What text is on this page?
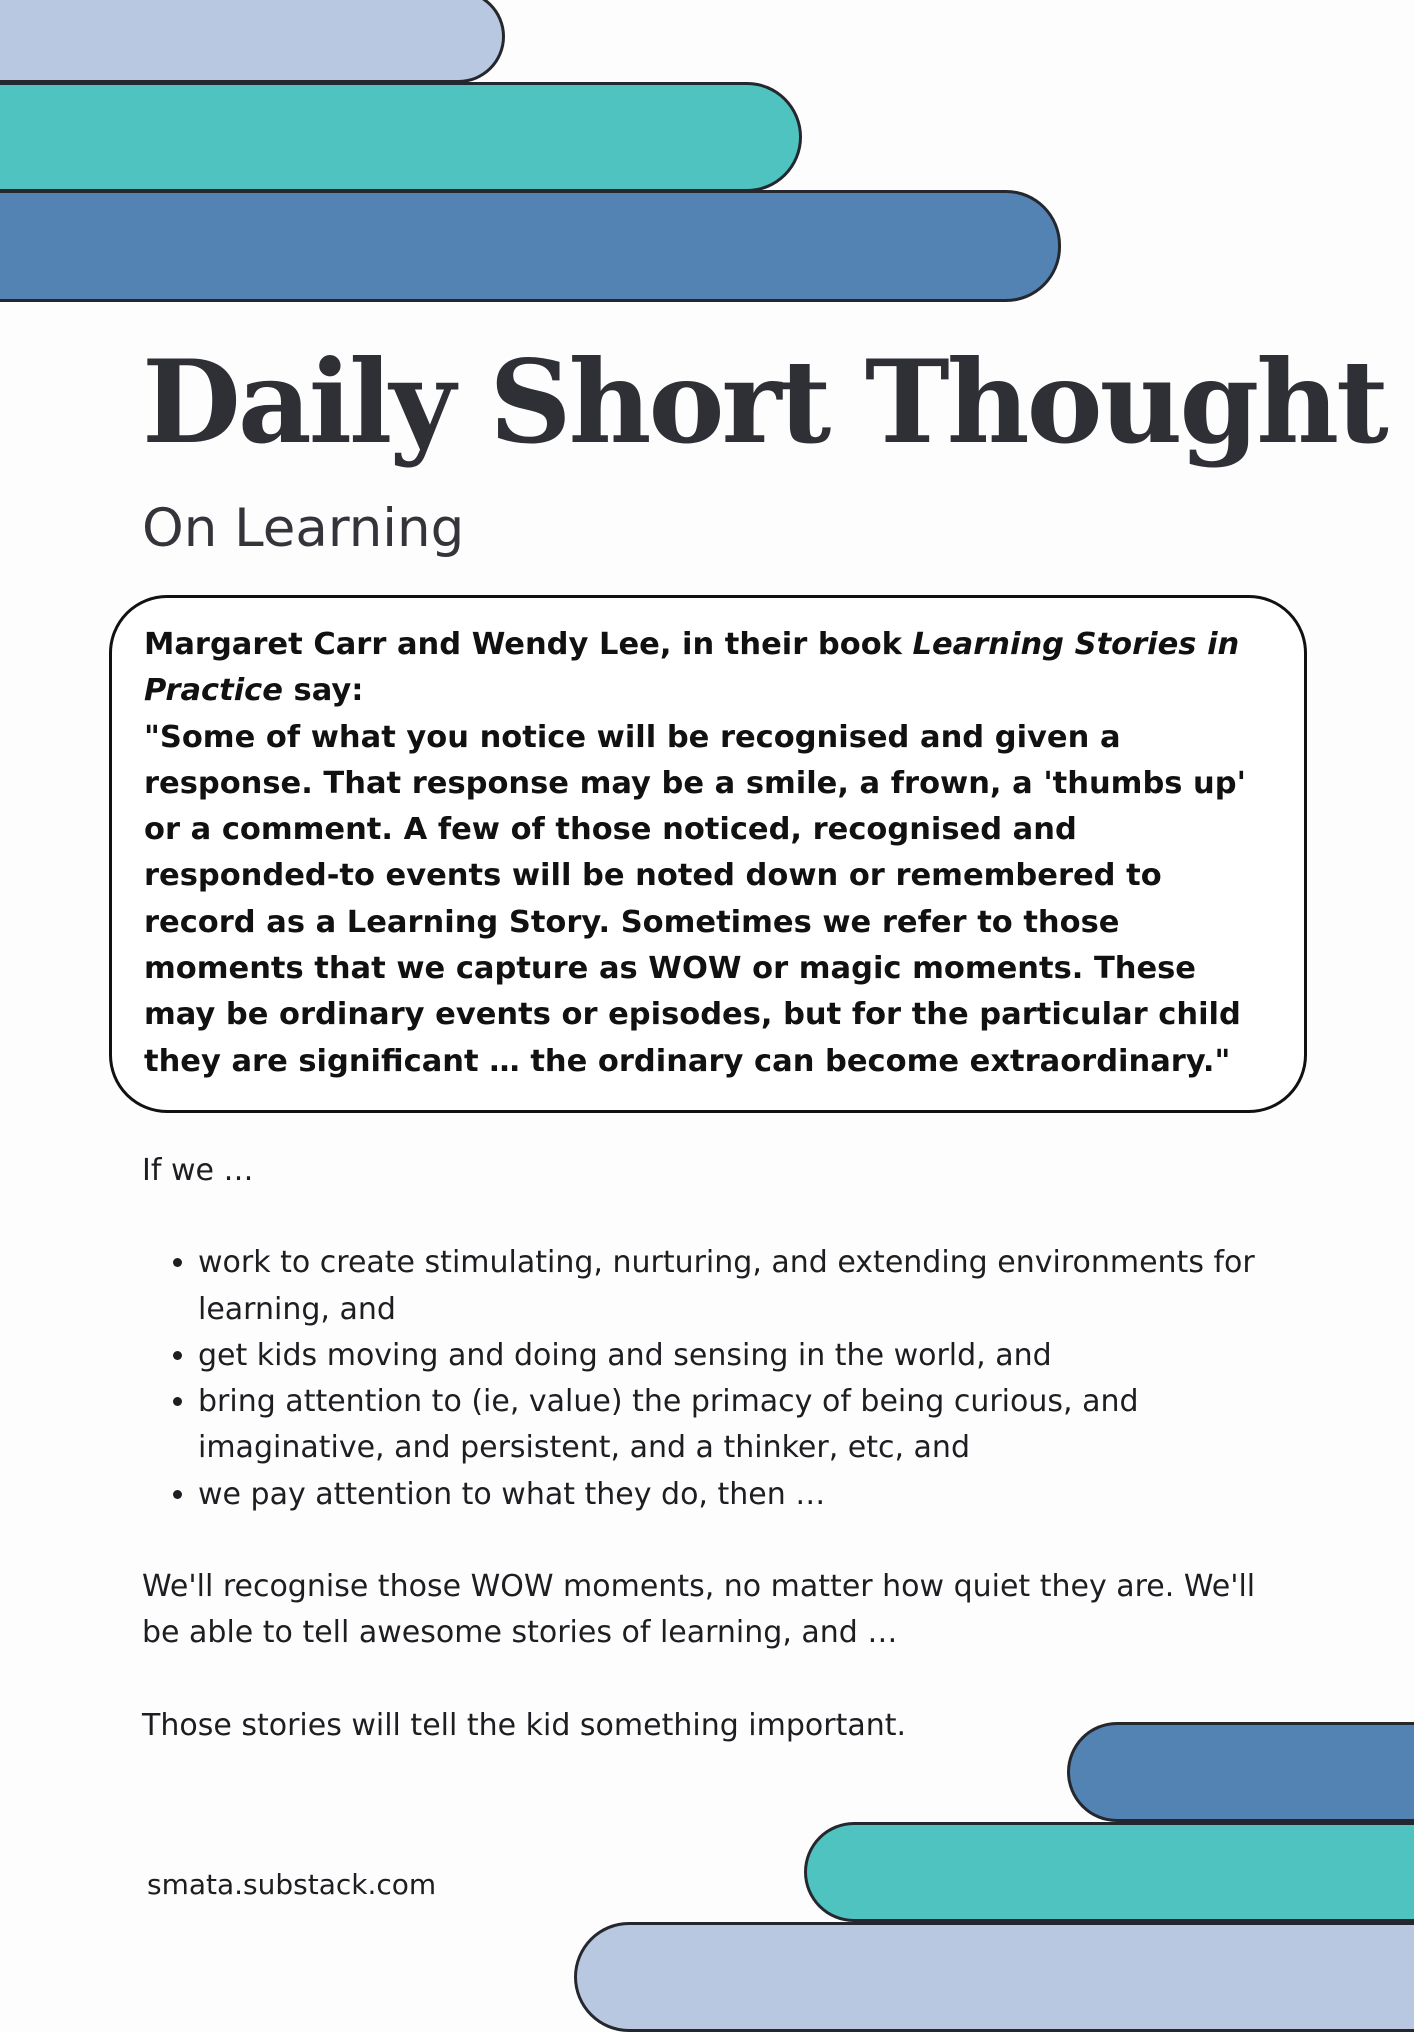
Daily Short Thought
On Learning

Margaret Carr and Wendy Lee, in their book Learning Stories in Practice say:

"Some of what you notice will be recognised and given a response. That response may be a smile, a frown, a 'thumbs up' or a comment. A few of those noticed, recognised and responded-to events will be noted down or remembered to record as a Learning Story. Sometimes we refer to those moments that we capture as WOW or magic moments. These may be ordinary events or episodes, but for the particular child they are significant … the ordinary can become extraordinary."

If we …

• work to create stimulating, nurturing, and extending environments for learning, and
• get kids moving and doing and sensing in the world, and
• bring attention to (ie, value) the primacy of being curious, and imaginative, and persistent, and a thinker, etc, and
• we pay attention to what they do, then …

We'll recognise those WOW moments, no matter how quiet they are. We'll be able to tell awesome stories of learning, and …

Those stories will tell the kid something important.

smata.substack.com
